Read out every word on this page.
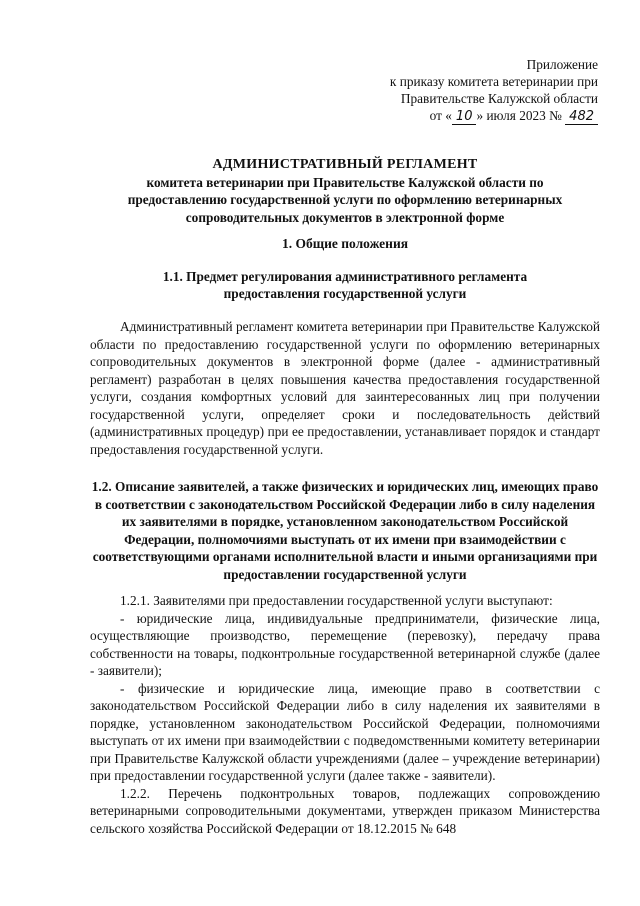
Приложение
к приказу комитета ветеринарии при
Правительстве Калужской области
от « 10 » июля 2023 № 482
АДМИНИСТРАТИВНЫЙ РЕГЛАМЕНТ
комитета ветеринарии при Правительстве Калужской области по
предоставлению государственной услуги по оформлению ветеринарных
сопроводительных документов в электронной форме
1. Общие положения
1.1. Предмет регулирования административного регламента
предоставления государственной услуги

Административный регламент комитета ветеринарии при Правительстве Калужской области по предоставлению государственной услуги по оформлению ветеринарных сопроводительных документов в электронной форме (далее - административный регламент) разработан в целях повышения качества предоставления государственной услуги, создания комфортных условий для заинтересованных лиц при получении государственной услуги, определяет сроки и последовательность действий (административных процедур) при ее предоставлении, устанавливает порядок и стандарт предоставления государственной услуги.

1.2. Описание заявителей, а также физических и юридических лиц, имеющих право в соответствии с законодательством Российской Федерации либо в силу наделения их заявителями в порядке, установленном законодательством Российской Федерации, полномочиями выступать от их имени при взаимодействии с соответствующими органами исполнительной власти и иными организациями при предоставлении государственной услуги

1.2.1. Заявителями при предоставлении государственной услуги выступают:

- юридические лица, индивидуальные предприниматели, физические лица, осуществляющие производство, перемещение (перевозку), передачу права собственности на товары, подконтрольные государственной ветеринарной службе (далее - заявители);

- физические и юридические лица, имеющие право в соответствии с законодательством Российской Федерации либо в силу наделения их заявителями в порядке, установленном законодательством Российской Федерации, полномочиями выступать от их имени при взаимодействии с подведомственными комитету ветеринарии при Правительстве Калужской области учреждениями (далее – учреждение ветеринарии) при предоставлении государственной услуги (далее также - заявители).

1.2.2. Перечень подконтрольных товаров, подлежащих сопровождению ветеринарными сопроводительными документами, утвержден приказом Министерства сельского хозяйства Российской Федерации от 18.12.2015 № 648
